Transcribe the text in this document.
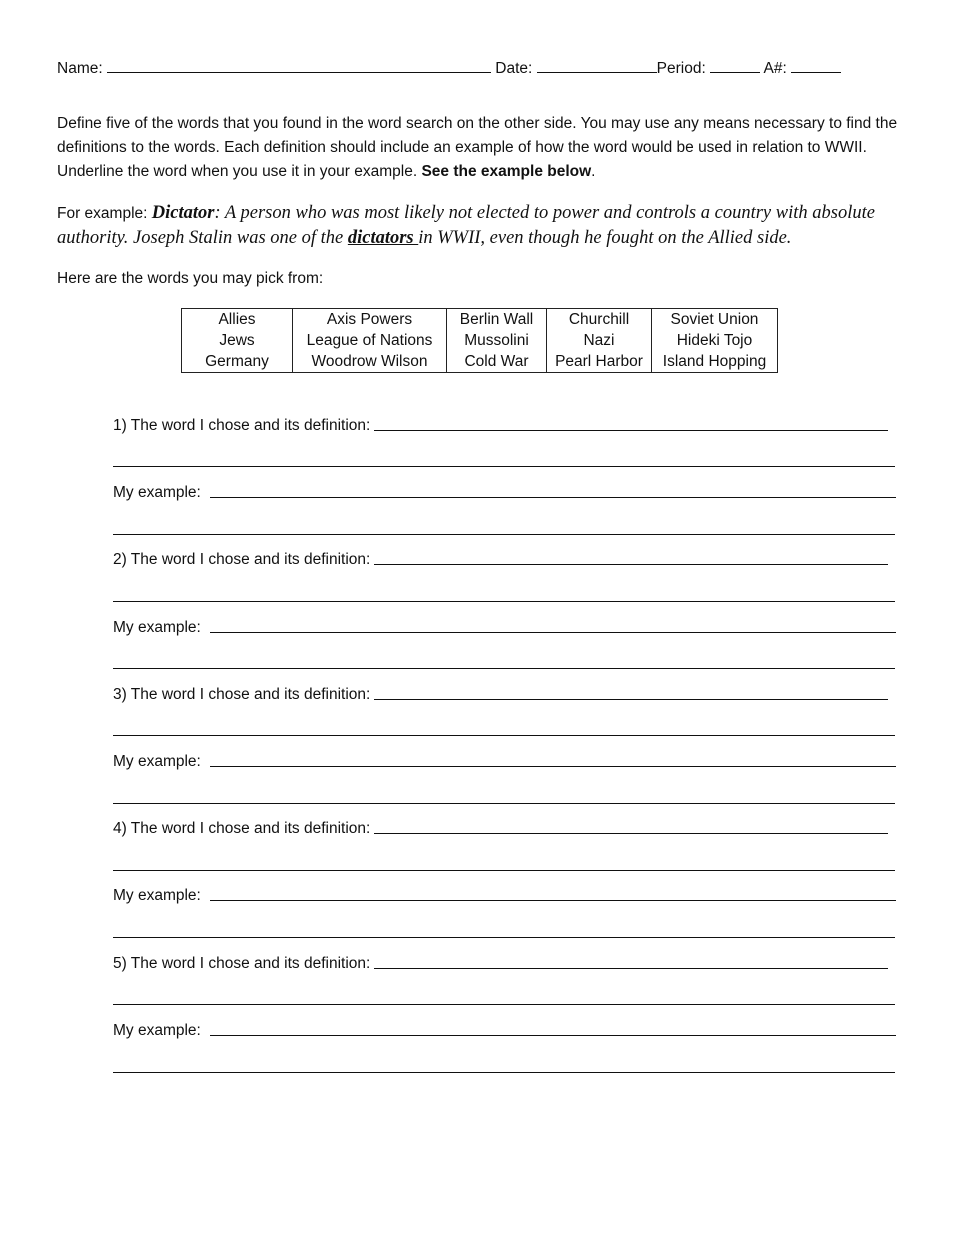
Name:	Date:	Period:	A#:
Define five of the words that you found in the word search on the other side. You may use any means necessary to find the definitions to the words. Each definition should include an example of how the word would be used in relation to WWII. Underline the word when you use it in your example. See the example below.
For example: Dictator: A person who was most likely not elected to power and controls a country with absolute authority. Joseph Stalin was one of the dictators in WWII, even though he fought on the Allied side.
Here are the words you may pick from:
Allies	Axis Powers	Berlin Wall	Churchill	Soviet Union
Jews	League of Nations	Mussolini	Nazi	Hideki Tojo
Germany	Woodrow Wilson	Cold War	Pearl Harbor	Island Hopping
1) The word I chose and its definition:
My example:
2) The word I chose and its definition:
My example:
3) The word I chose and its definition:
My example:
4) The word I chose and its definition:
My example:
5) The word I chose and its definition:
My example:
